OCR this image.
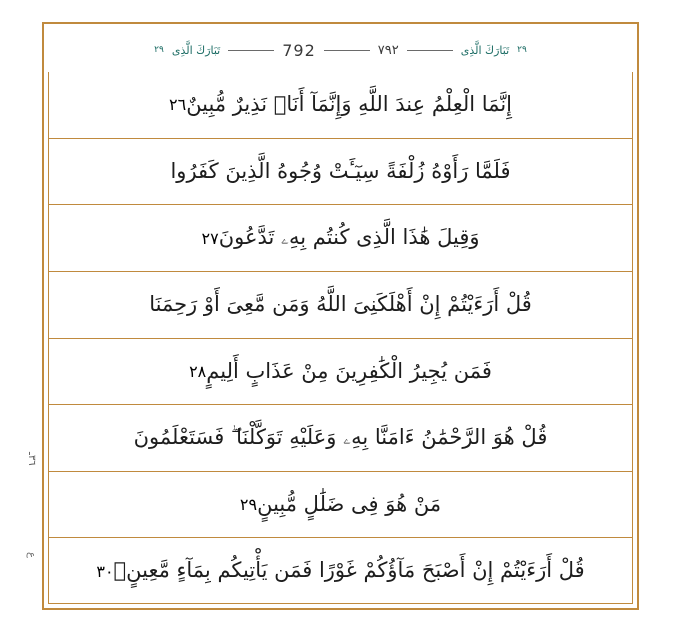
٢٩
تَبَارَكَ الَّذِى
٧٩٢
792
تَبَارَكَ الَّذِى
٢٩
إِنَّمَا الْعِلْمُ عِندَ اللَّهِ وَإِنَّمَآ أَنَا۠ نَذِيرٌ مُّبِينٌ
٢٦
فَلَمَّا رَأَوْهُ زُلْفَةً سِيٓـَٔتْ وُجُوهُ الَّذِينَ كَفَرُوا
وَقِيلَ هَٰذَا الَّذِى كُنتُم بِهِۦ تَدَّعُونَ
٢٧
قُلْ أَرَءَيْتُمْ إِنْ أَهْلَكَنِىَ اللَّهُ وَمَن مَّعِىَ أَوْ رَحِمَنَا
فَمَن يُجِيرُ الْكَٰفِرِينَ مِنْ عَذَابٍ أَلِيمٍ
٢٨
قُلْ هُوَ الرَّحْمَٰنُ ءَامَنَّا بِهِۦ وَعَلَيْهِ تَوَكَّلْنَا ۖ فَسَتَعْلَمُونَ
مَنْ هُوَ فِى ضَلَٰلٍ مُّبِينٍ
٢٩
قُلْ أَرَءَيْتُمْ إِنْ أَصْبَحَ مَآؤُكُمْ غَوْرًا فَمَن يَأْتِيكُم بِمَآءٍ مَّعِينٍۭ
٣٠
٣٦ـ
ع
